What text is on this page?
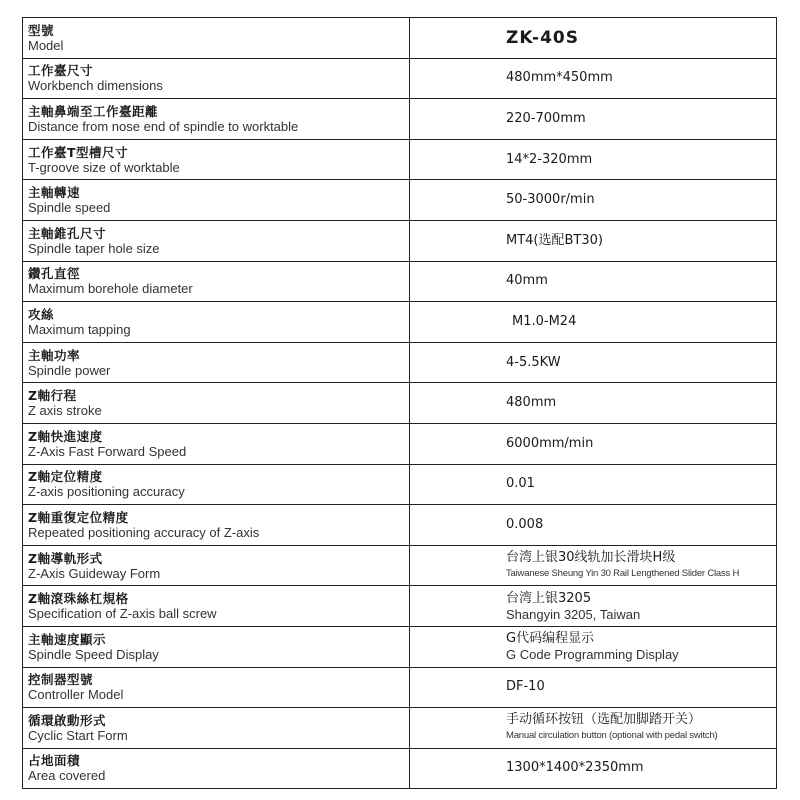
型號
Model	ZK-40S

工作臺尺寸
Workbench dimensions	480mm*450mm

主軸鼻端至工作臺距離
Distance from nose end of spindle to worktable	220-700mm

工作臺T型槽尺寸
T-groove size of worktable	14*2-320mm

主軸轉速
Spindle speed	50-3000r/min

主軸錐孔尺寸
Spindle taper hole size	MT4(选配BT30)

鑽孔直徑
Maximum borehole diameter	40mm

攻絲
Maximum tapping	M1.0-M24

主軸功率
Spindle power	4-5.5KW

Z軸行程
Z axis stroke	480mm

Z軸快進速度
Z-Axis Fast Forward Speed	6000mm/min

Z軸定位精度
Z-axis positioning accuracy	0.01

Z軸重復定位精度
Repeated positioning accuracy of Z-axis	0.008

Z軸導軌形式
Z-Axis Guideway Form	台湾上银30线轨加长滑块H级
Taiwanese Sheung Yin 30 Rail Lengthened Slider Class H

Z軸滾珠絲杠規格
Specification of Z-axis ball screw	台湾上银3205
Shangyin 3205, Taiwan

主軸速度顯示
Spindle Speed Display	G代码编程显示
G Code Programming Display

控制器型號
Controller Model	DF-10

循環啟動形式
Cyclic Start Form	手动循环按钮（选配加脚踏开关）
Manual circulation button (optional with pedal switch)

占地面積
Area covered	1300*1400*2350mm
